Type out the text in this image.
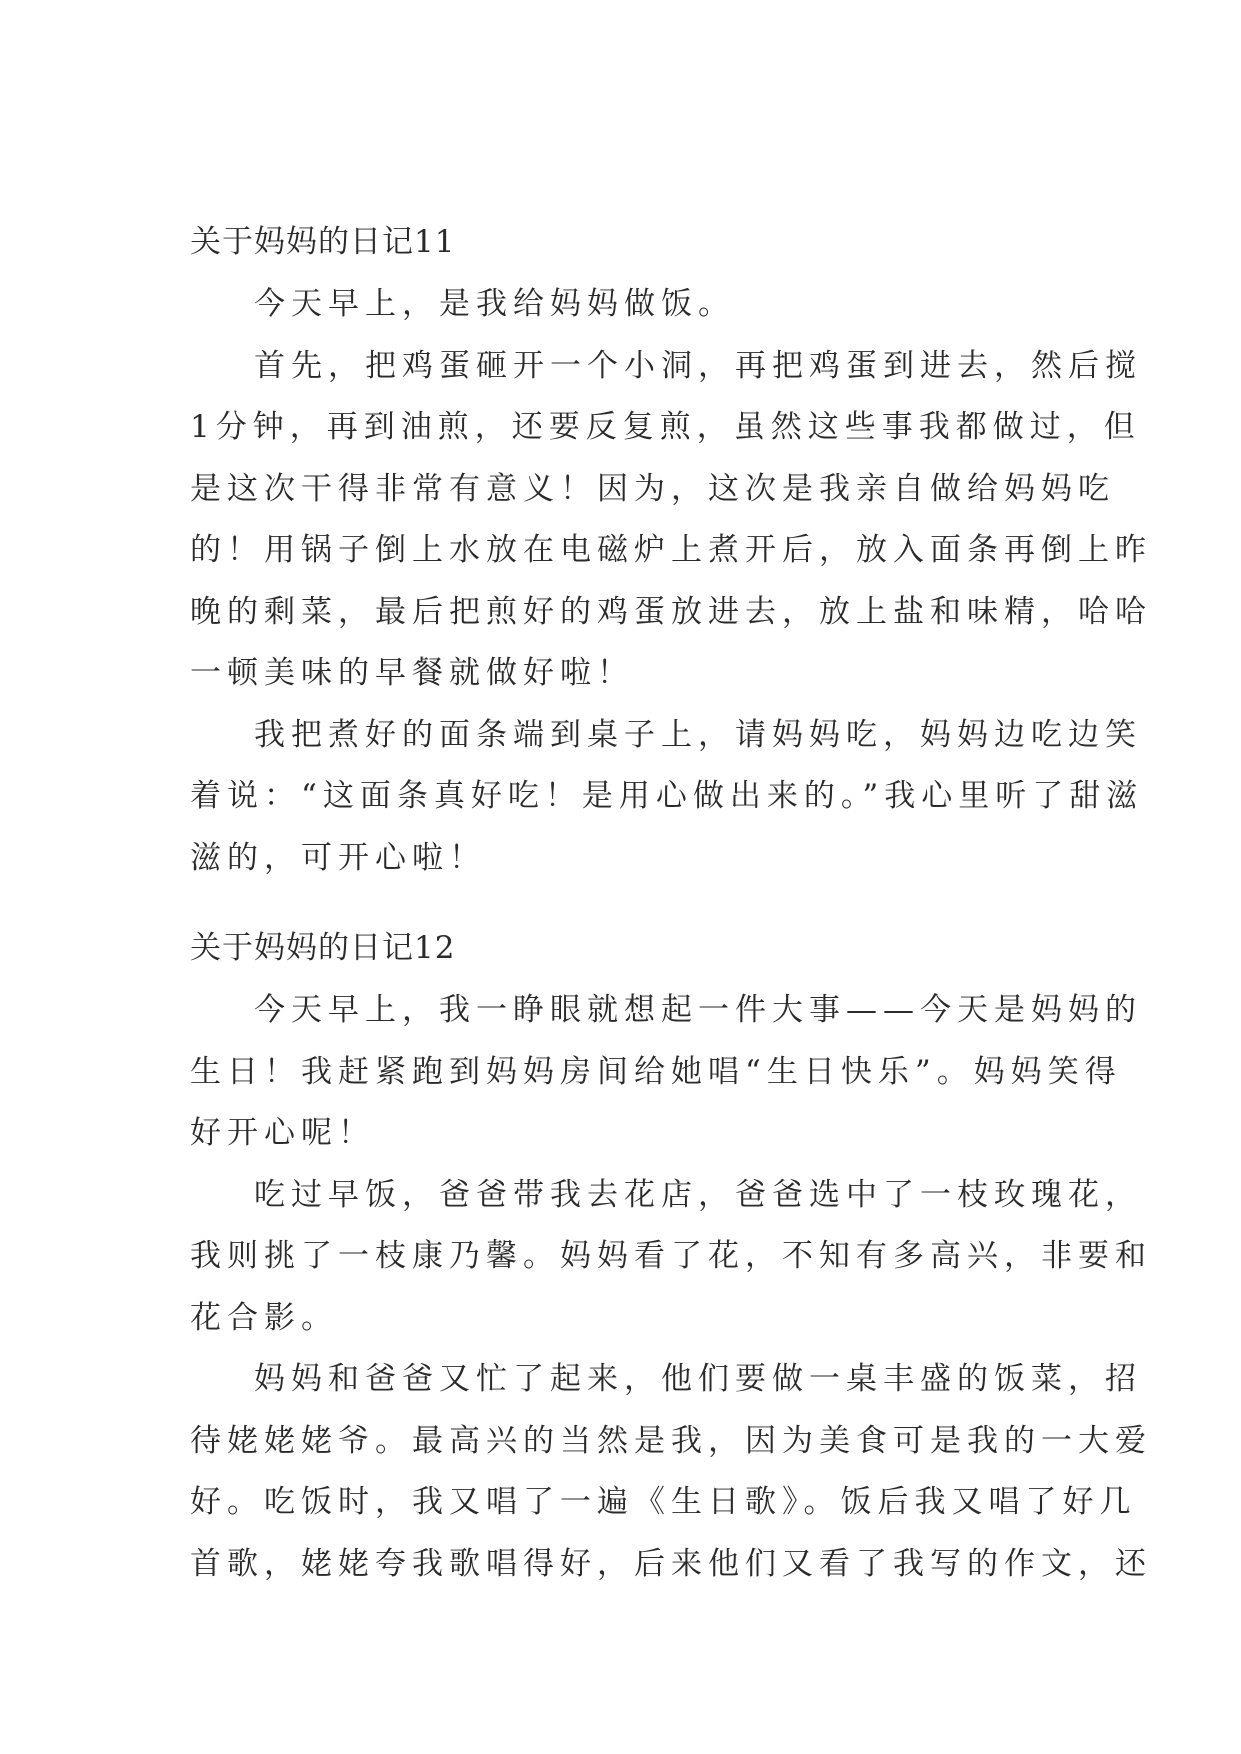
关于妈妈的日记11

今天早上，是我给妈妈做饭。

首先，把鸡蛋砸开一个小洞，再把鸡蛋到进去，然后搅
1分钟，再到油煎，还要反复煎，虽然这些事我都做过，但
是这次干得非常有意义！因为，这次是我亲自做给妈妈吃
的！用锅子倒上水放在电磁炉上煮开后，放入面条再倒上昨
晚的剩菜，最后把煎好的鸡蛋放进去，放上盐和味精，哈哈
一顿美味的早餐就做好啦！

我把煮好的面条端到桌子上，请妈妈吃，妈妈边吃边笑
着说：“这面条真好吃！是用心做出来的。”我心里听了甜滋
滋的，可开心啦！

关于妈妈的日记12

今天早上，我一睁眼就想起一件大事——今天是妈妈的
生日！我赶紧跑到妈妈房间给她唱“生日快乐”。妈妈笑得
好开心呢！

吃过早饭，爸爸带我去花店，爸爸选中了一枝玫瑰花，
我则挑了一枝康乃馨。妈妈看了花，不知有多高兴，非要和
花合影。

妈妈和爸爸又忙了起来，他们要做一桌丰盛的饭菜，招
待姥姥姥爷。最高兴的当然是我，因为美食可是我的一大爱
好。吃饭时，我又唱了一遍《生日歌》。饭后我又唱了好几
首歌，姥姥夸我歌唱得好，后来他们又看了我写的作文，还
